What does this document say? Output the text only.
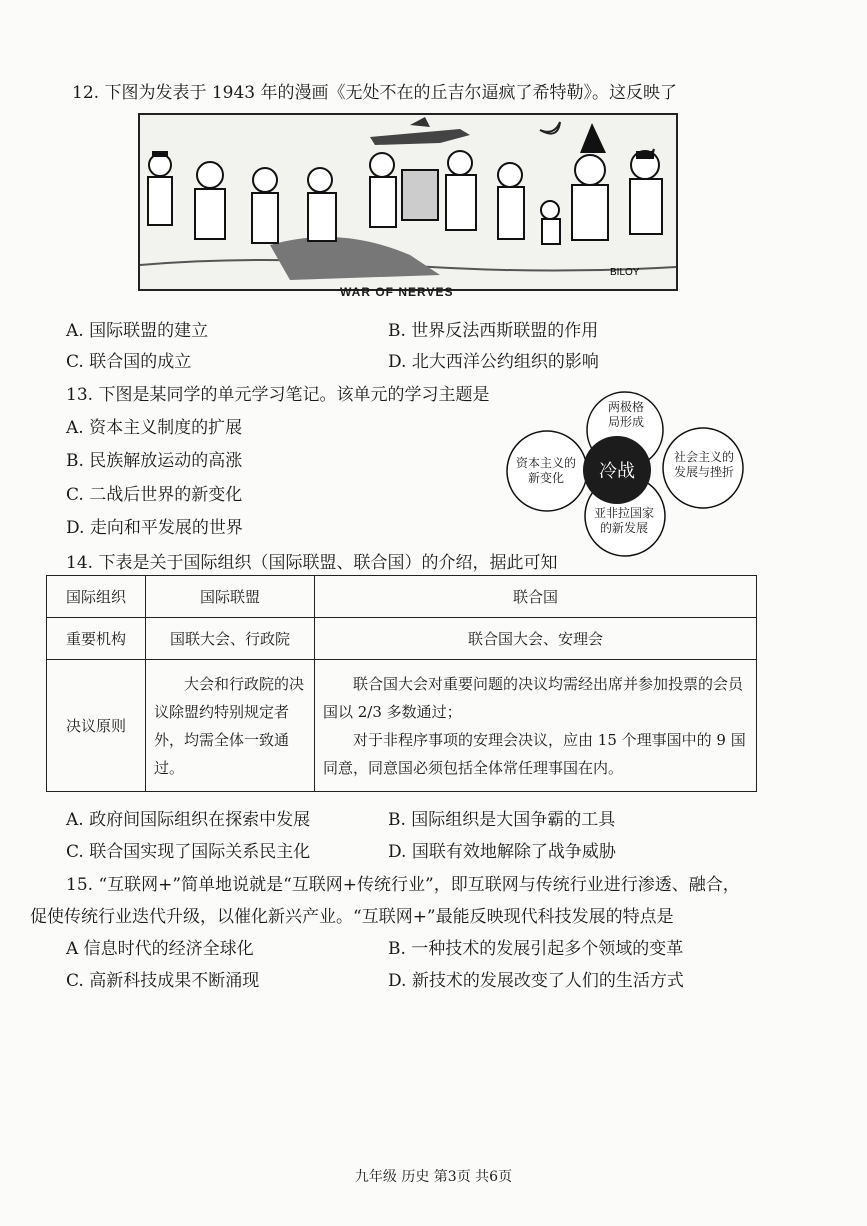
12. 下图为发表于 1943 年的漫画《无处不在的丘吉尔逼疯了希特勒》。这反映了
BILOY
WAR OF NERVES
A. 国际联盟的建立	B. 世界反法西斯联盟的作用
C. 联合国的成立	D. 北大西洋公约组织的影响
13. 下图是某同学的单元学习笔记。该单元的学习主题是
A. 资本主义制度的扩展
B. 民族解放运动的高涨
C. 二战后世界的新变化
D. 走向和平发展的世界
冷战
两极格局形成
资本主义的新变化
社会主义的发展与挫折
亚非拉国家的新发展
14. 下表是关于国际组织（国际联盟、联合国）的介绍，据此可知
国际组织	国际联盟	联合国
重要机构	国联大会、行政院	联合国大会、安理会
决议原则	大会和行政院的决议除盟约特别规定者外，均需全体一致通过。	联合国大会对重要问题的决议均需经出席并参加投票的会员国以 2/3 多数通过；
对于非程序事项的安理会决议，应由 15 个理事国中的 9 国同意，同意国必须包括全体常任理事国在内。
A. 政府间国际组织在探索中发展	B. 国际组织是大国争霸的工具
C. 联合国实现了国际关系民主化	D. 国联有效地解除了战争威胁
15. “互联网+”简单地说就是“互联网+传统行业”，即互联网与传统行业进行渗透、融合，
促使传统行业迭代升级，以催化新兴产业。“互联网+”最能反映现代科技发展的特点是
A 信息时代的经济全球化	B. 一种技术的发展引起多个领域的变革
C. 高新科技成果不断涌现	D. 新技术的发展改变了人们的生活方式
九年级 历史 第3页 共6页
